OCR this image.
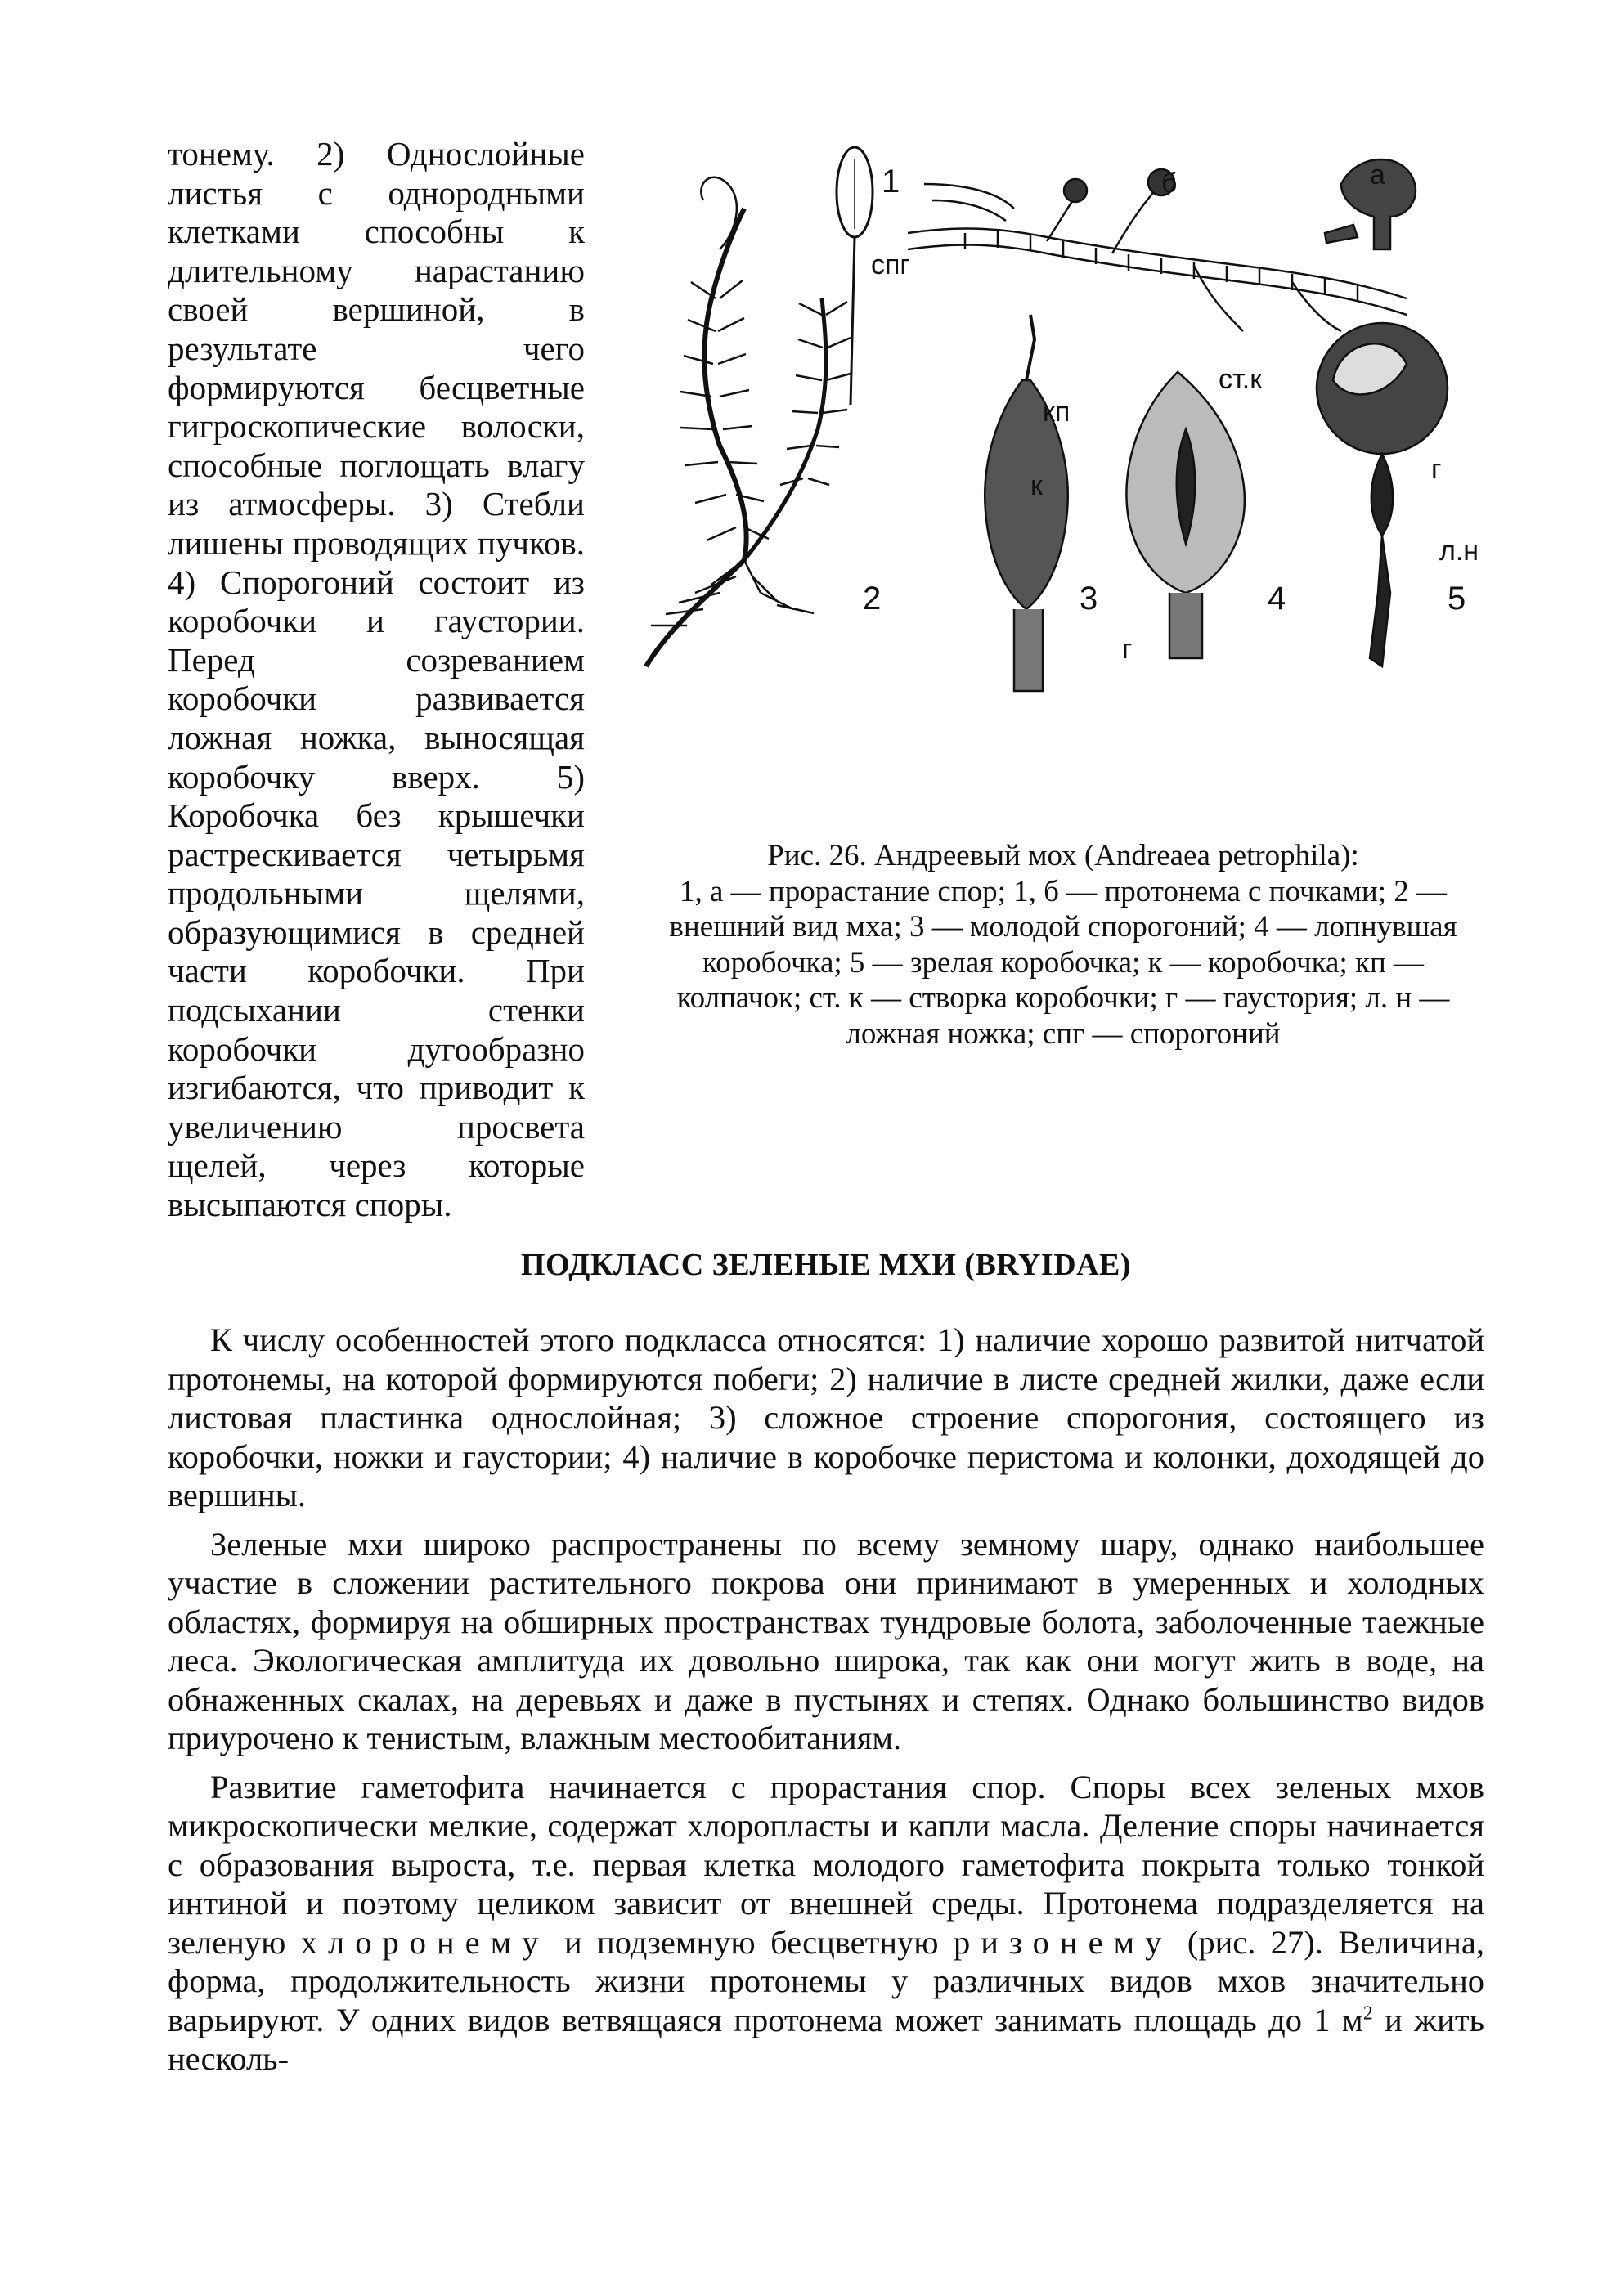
тонему. 2) Однослойные листья с однородными клетками способны к длительному нарастанию своей вершиной, в результате чего формируются бесцветные гигроскопические волоски, способные поглощать влагу из атмосферы. 3) Стебли лишены проводящих пучков. 4) Спорогоний состоит из коробочки и гаустории. Перед созреванием коробочки развивается ложная ножка, выносящая коробочку вверх. 5) Коробочка без крышечки растрескивается четырьмя продольными щелями, образующимися в средней части коробочки. При подсыхании стенки коробочки дугообразно изгибаются, что приводит к увеличению просвета щелей, через которые высыпаются споры.

1	б	а
спг
кп
к
ст.к
г
л.н
г
2	3	4	5
Рис. 26. Андреевый мох (Andreaea petrophila):
1, а — прорастание спор; 1, б — протонема с почками; 2 — внешний вид мха; 3 — молодой спорогоний; 4 — лопнувшая коробочка; 5 — зрелая коробочка; к — коробочка; кп — колпачок; ст. к — створка коробочки; г — гаустория; л. н — ложная ножка; спг — спорогоний
ПОДКЛАСС ЗЕЛЕНЫЕ МХИ (BRYIDAE)

К числу особенностей этого подкласса относятся: 1) наличие хорошо развитой нитчатой протонемы, на которой формируются побеги; 2) наличие в листе средней жилки, даже если листовая пластинка однослойная; 3) сложное строение спорогония, состоящего из коробочки, ножки и гаустории; 4) наличие в коробочке перистома и колонки, доходящей до вершины.

Зеленые мхи широко распространены по всему земному шару, однако наибольшее участие в сложении растительного покрова они принимают в умеренных и холодных областях, формируя на обширных пространствах тундровые болота, заболоченные таежные леса. Экологическая амплитуда их довольно широка, так как они могут жить в воде, на обнаженных скалах, на деревьях и даже в пустынях и степях. Однако большинство видов приурочено к тенистым, влажным местообитаниям.

Развитие гаметофита начинается с прорастания спор. Споры всех зеленых мхов микроскопически мелкие, содержат хлоропласты и капли масла. Деление споры начинается с образования выроста, т.е. первая клетка молодого гаметофита покрыта только тонкой интиной и поэтому целиком зависит от внешней среды. Протонема подразделяется на зеленую хлоронему и подземную бесцветную ризонему (рис. 27). Величина, форма, продолжительность жизни протонемы у различных видов мхов значительно варьируют. У одних видов ветвящаяся протонема может занимать площадь до 1 $м^2$ и жить несколь-
